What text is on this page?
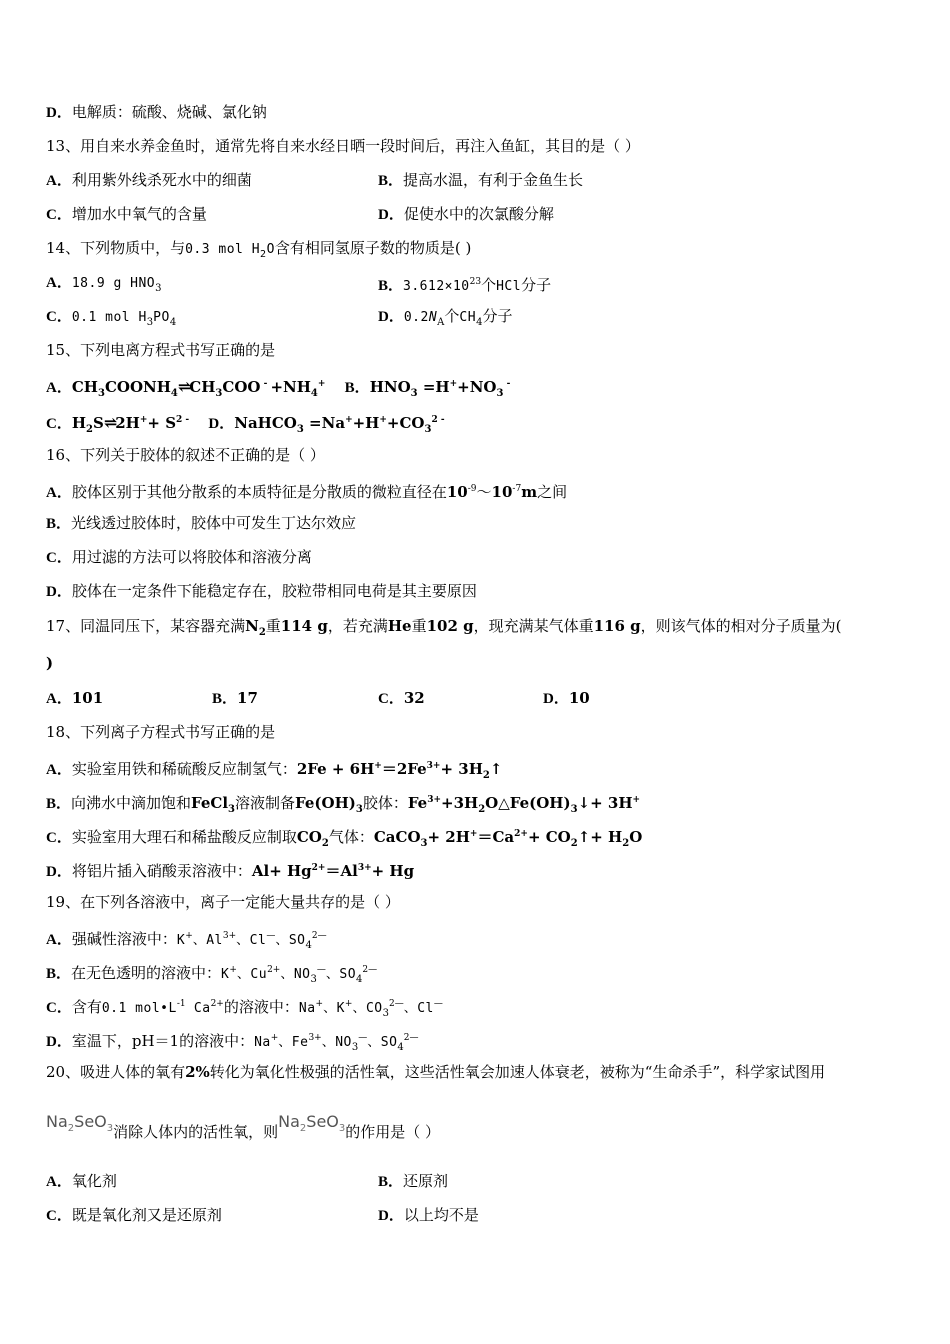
D．电解质：硫酸、烧碱、氯化钠
13、用自来水养金鱼时，通常先将自来水经日晒一段时间后，再注入鱼缸，其目的是（ ）
A．利用紫外线杀死水中的细菌	B．提高水温，有利于金鱼生长
C．增加水中氧气的含量	D．促使水中的次氯酸分解
14、下列物质中，与0.3 mol $H_2O$含有相同氢原子数的物质是( )
A．18.9 g $HNO_3$	B．$3.612\times 10^{23}$个HCl分子
C．0.1 mol $H_3PO_4$	D．$0.2N_A$个$CH_4$分子
15、下列电离方程式书写正确的是
A．$CH_3COONH_4\rightleftharpoons CH_3COO$ $^- +NH_4^+$ B．$HNO_3 =H^++NO_3$ -
C．$H_2S\rightleftharpoons 2H^++ S^{2 -}$ D．NaHCO$_3$ $=Na^++H^++CO_3^{2 -}$
16、下列关于胶体的叙述不正确的是（ ）
A．胶体区别于其他分散系的本质特征是分散质的微粒直径在$10^{-9}\sim 10^{-7}m$之间
B．光线透过胶体时，胶体中可发生丁达尔效应
C．用过滤的方法可以将胶体和溶液分离
D．胶体在一定条件下能稳定存在，胶粒带相同电荷是其主要原因
17、同温同压下，某容器充满$N_2$重114 g，若充满He重102 g，现充满某气体重116 g，则该气体的相对分子质量为(
)
A．101	B．17	C．32	D．10
18、下列离子方程式书写正确的是
A．实验室用铁和稀硫酸反应制氢气：$2Fe + 6H^+=2Fe^{3+}+$ $3H_2↑$
B．向沸水中滴加饱和FeCl$_3$溶液制备$Fe(OH)_3$胶体：$Fe^{3+}+3H_2O\triangle Fe(OH)_3↓+ 3H^+$
C．实验室用大理石和稀盐酸反应制取$CO_2$气体：CaCO$_3$+ $2H^+=Ca^{2+}+$ $CO_2↑+ H_2O$
D．将铝片插入硝酸汞溶液中：$Al+ Hg^{2+}=Al^{3+}+ Hg$
19、在下列各溶液中，离子一定能大量共存的是（ ）
A．强碱性溶液中：K+、$Al^{3+}$、Cl—、$SO_4^{2—}$
B．在无色透明的溶液中：K+、$Cu^{2+}$、$NO_3^—$、$SO_4^{2—}$
C．含有0.1 $mol•L^{-1}$ $Ca^{2+}$的溶液中：Na+、K+、$CO_3^{2—}$、Cl—
D．室温下，pH＝1的溶液中：Na+、$Fe^{3+}$、$NO_3^—$、$SO_4^{2—}$
20、吸进人体的氧有2%转化为氧化性极强的活性氧，这些活性氧会加速人体衰老，被称为“生命杀手”，科学家试图用
$Na_2SeO_3$消除人体内的活性氧，则$Na_2SeO_3$的作用是（ ）
A．氧化剂	B．还原剂
C．既是氧化剂又是还原剂	D．以上均不是
